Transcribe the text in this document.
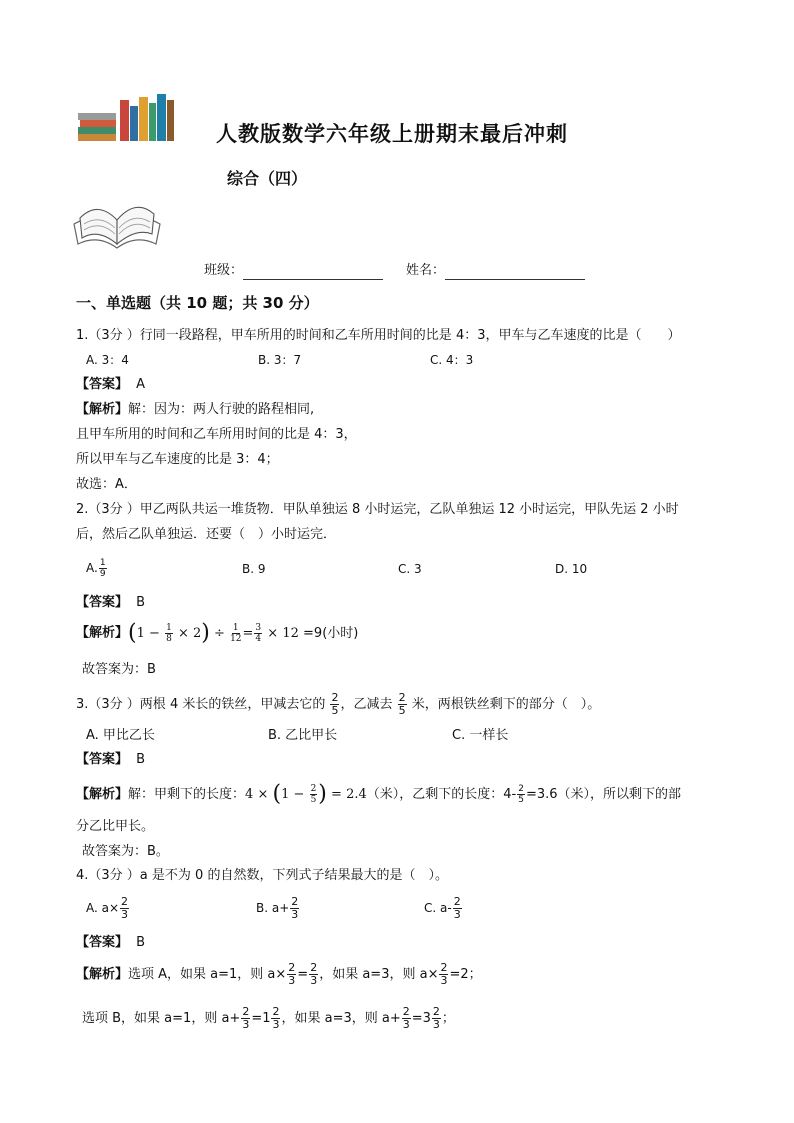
人教版数学六年级上册期末最后冲刺
综合（四）
班级：	姓名：
一、单选题（共 10 题；共 30 分）
1.（3分 ）行同一段路程，甲车所用的时间和乙车所用时间的比是 4：3，甲车与乙车速度的比是（　　）
A. 3：4	B. 3：7	C. 4：3
【答案】 A
【解析】解：因为：两人行驶的路程相同,
且甲车所用的时间和乙车所用时间的比是 4：3，
所以甲车与乙车速度的比是 3：4；
故选：A．
2.（3分 ）甲乙两队共运一堆货物．甲队单独运 8 小时运完，乙队单独运 12 小时运完，甲队先运 2 小时
后，然后乙队单独运．还要（　）小时运完．
A. $\frac{1}{9}$	B. 9	C. 3	D. 10
【答案】 B
【解析】$(1 - \frac{1}{8} \times 2) \div \frac{1}{12} = \frac{3}{4} \times 12 =9$(小时)
故答案为：B
3.（3分 ）两根 4 米长的铁丝，甲减去它的 $\frac{2}{5}$ ，乙减去 $\frac{2}{5}$ 米，两根铁丝剩下的部分（　）。
A. 甲比乙长	B. 乙比甲长	C. 一样长
【答案】 B
【解析】解：甲剩下的长度：$4 \times (1 - \frac{2}{5}$ ) = 2.4（米），乙剩下的长度：$4- \frac{2}{5} =3.6$（米），所以剩下的部
分乙比甲长。
故答案为：B。
4.（3分 ）a 是不为 0 的自然数，下列式子结果最大的是（　）。
A. $a\times \frac{2}{3}$	B. $a+ \frac{2}{3}$	C. $a- \frac{2}{3}$
【答案】 B
【解析】选项 A，如果 a=1，则 $a\times \frac{2}{3} = \frac{2}{3}$ ，如果 a=3，则 $a\times \frac{2}{3} =2$；
选项 B，如果 a=1，则 $a+ \frac{2}{3} =1 \frac{2}{3}$ ，如果 a=3，则 $a+ \frac{2}{3} =3 \frac{2}{3}$ ；
